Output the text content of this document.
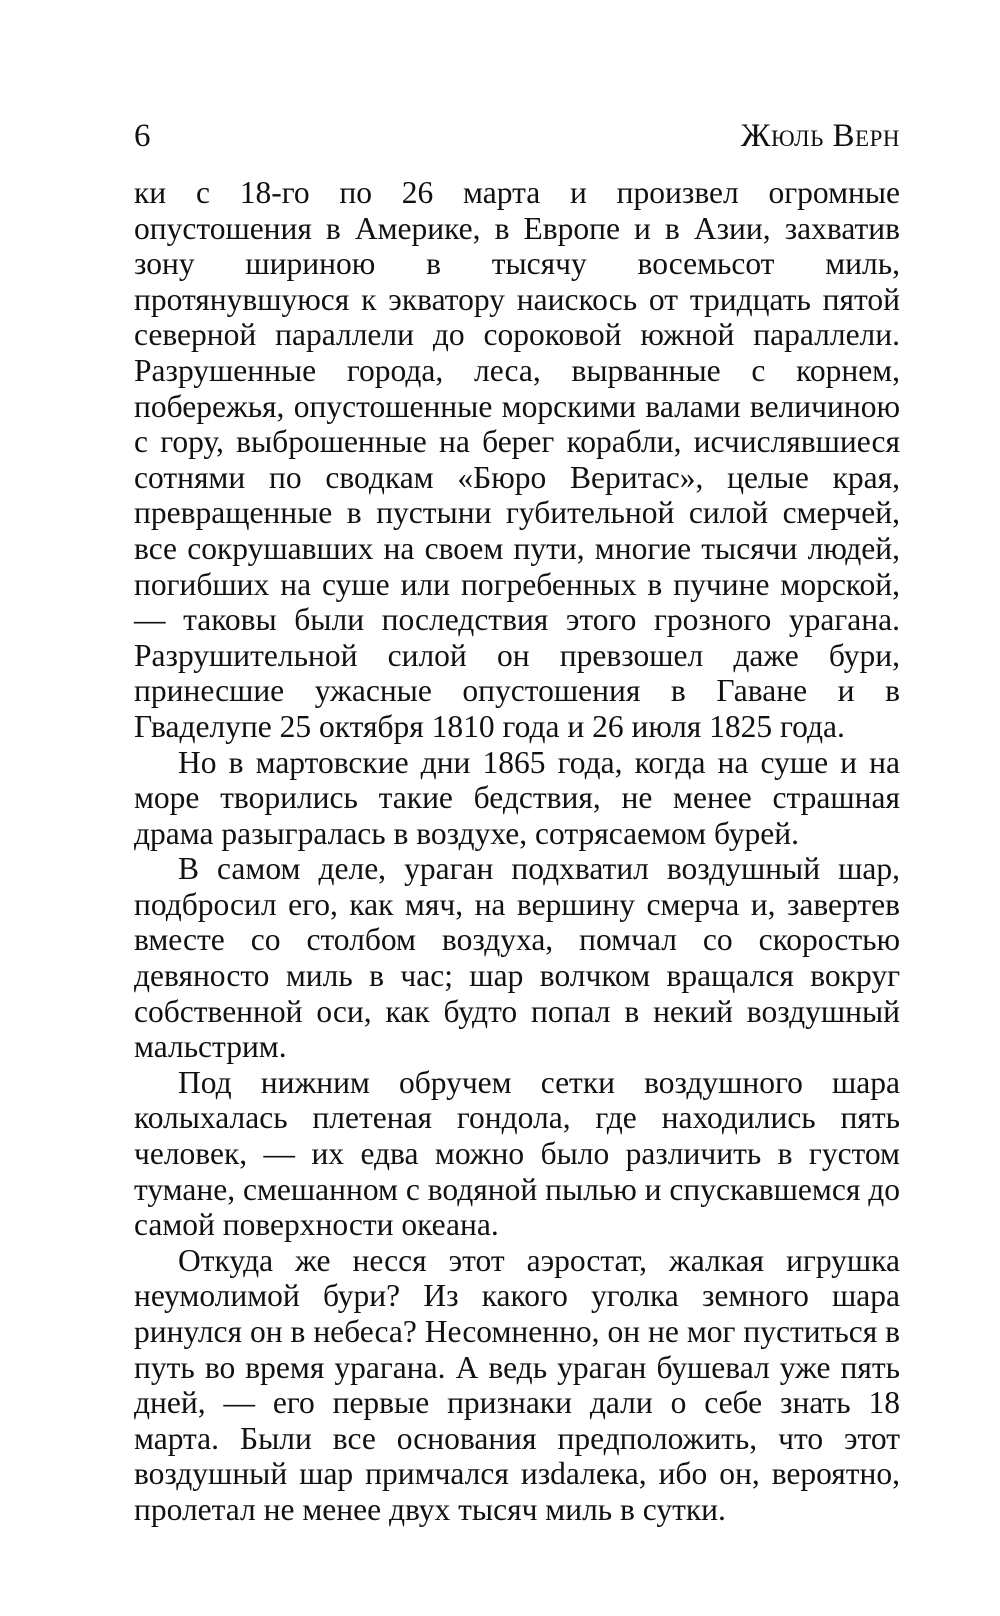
6	Жюль Верн

ки с 18-го по 26 марта и произвел огромные опустошения в Америке, в Европе и в Азии, захватив зону шириною в тысячу восемьсот миль, протянувшуюся к экватору наискось от тридцать пятой северной параллели до сороковой южной параллели. Разрушенные города, леса, вырванные с корнем, побережья, опустошенные морскими валами величиною с гору, выброшенные на берег корабли, исчислявшиеся сотнями по сводкам «Бюро Веритас», целые края, превращенные в пустыни губительной силой смерчей, все сокрушавших на своем пути, многие тысячи людей, погибших на суше или погребенных в пучине морской, — таковы были последствия этого грозного урагана. Разрушительной силой он превзошел даже бури, принесшие ужасные опустошения в Гаване и в Гваделупе 25 октября 1810 года и 26 июля 1825 года.

Но в мартовские дни 1865 года, когда на суше и на море творились такие бедствия, не менее страшная драма разыгралась в воздухе, сотрясаемом бурей.

В самом деле, ураган подхватил воздушный шар, подбросил его, как мяч, на вершину смерча и, завертев вместе со столбом воздуха, помчал со скоростью девяносто миль в час; шар волчком вращался вокруг собственной оси, как будто попал в некий воздушный мальстрим.

Под нижним обручем сетки воздушного шара колыхалась плетеная гондола, где находились пять человек, — их едва можно было различить в густом тумане, смешанном с водяной пылью и спускавшемся до самой поверхности океана.

Откуда же несся этот аэростат, жалкая игрушка неумолимой бури? Из какого уголка земного шара ринулся он в небеса? Несомненно, он не мог пуститься в путь во время урагана. А ведь ураган бушевал уже пять дней, — его первые признаки дали о себе знать 18 марта. Были все основания предположить, что этот воздушный шар примчался изdалека, ибо он, вероятно, пролетал не менее двух тысяч миль в сутки.
